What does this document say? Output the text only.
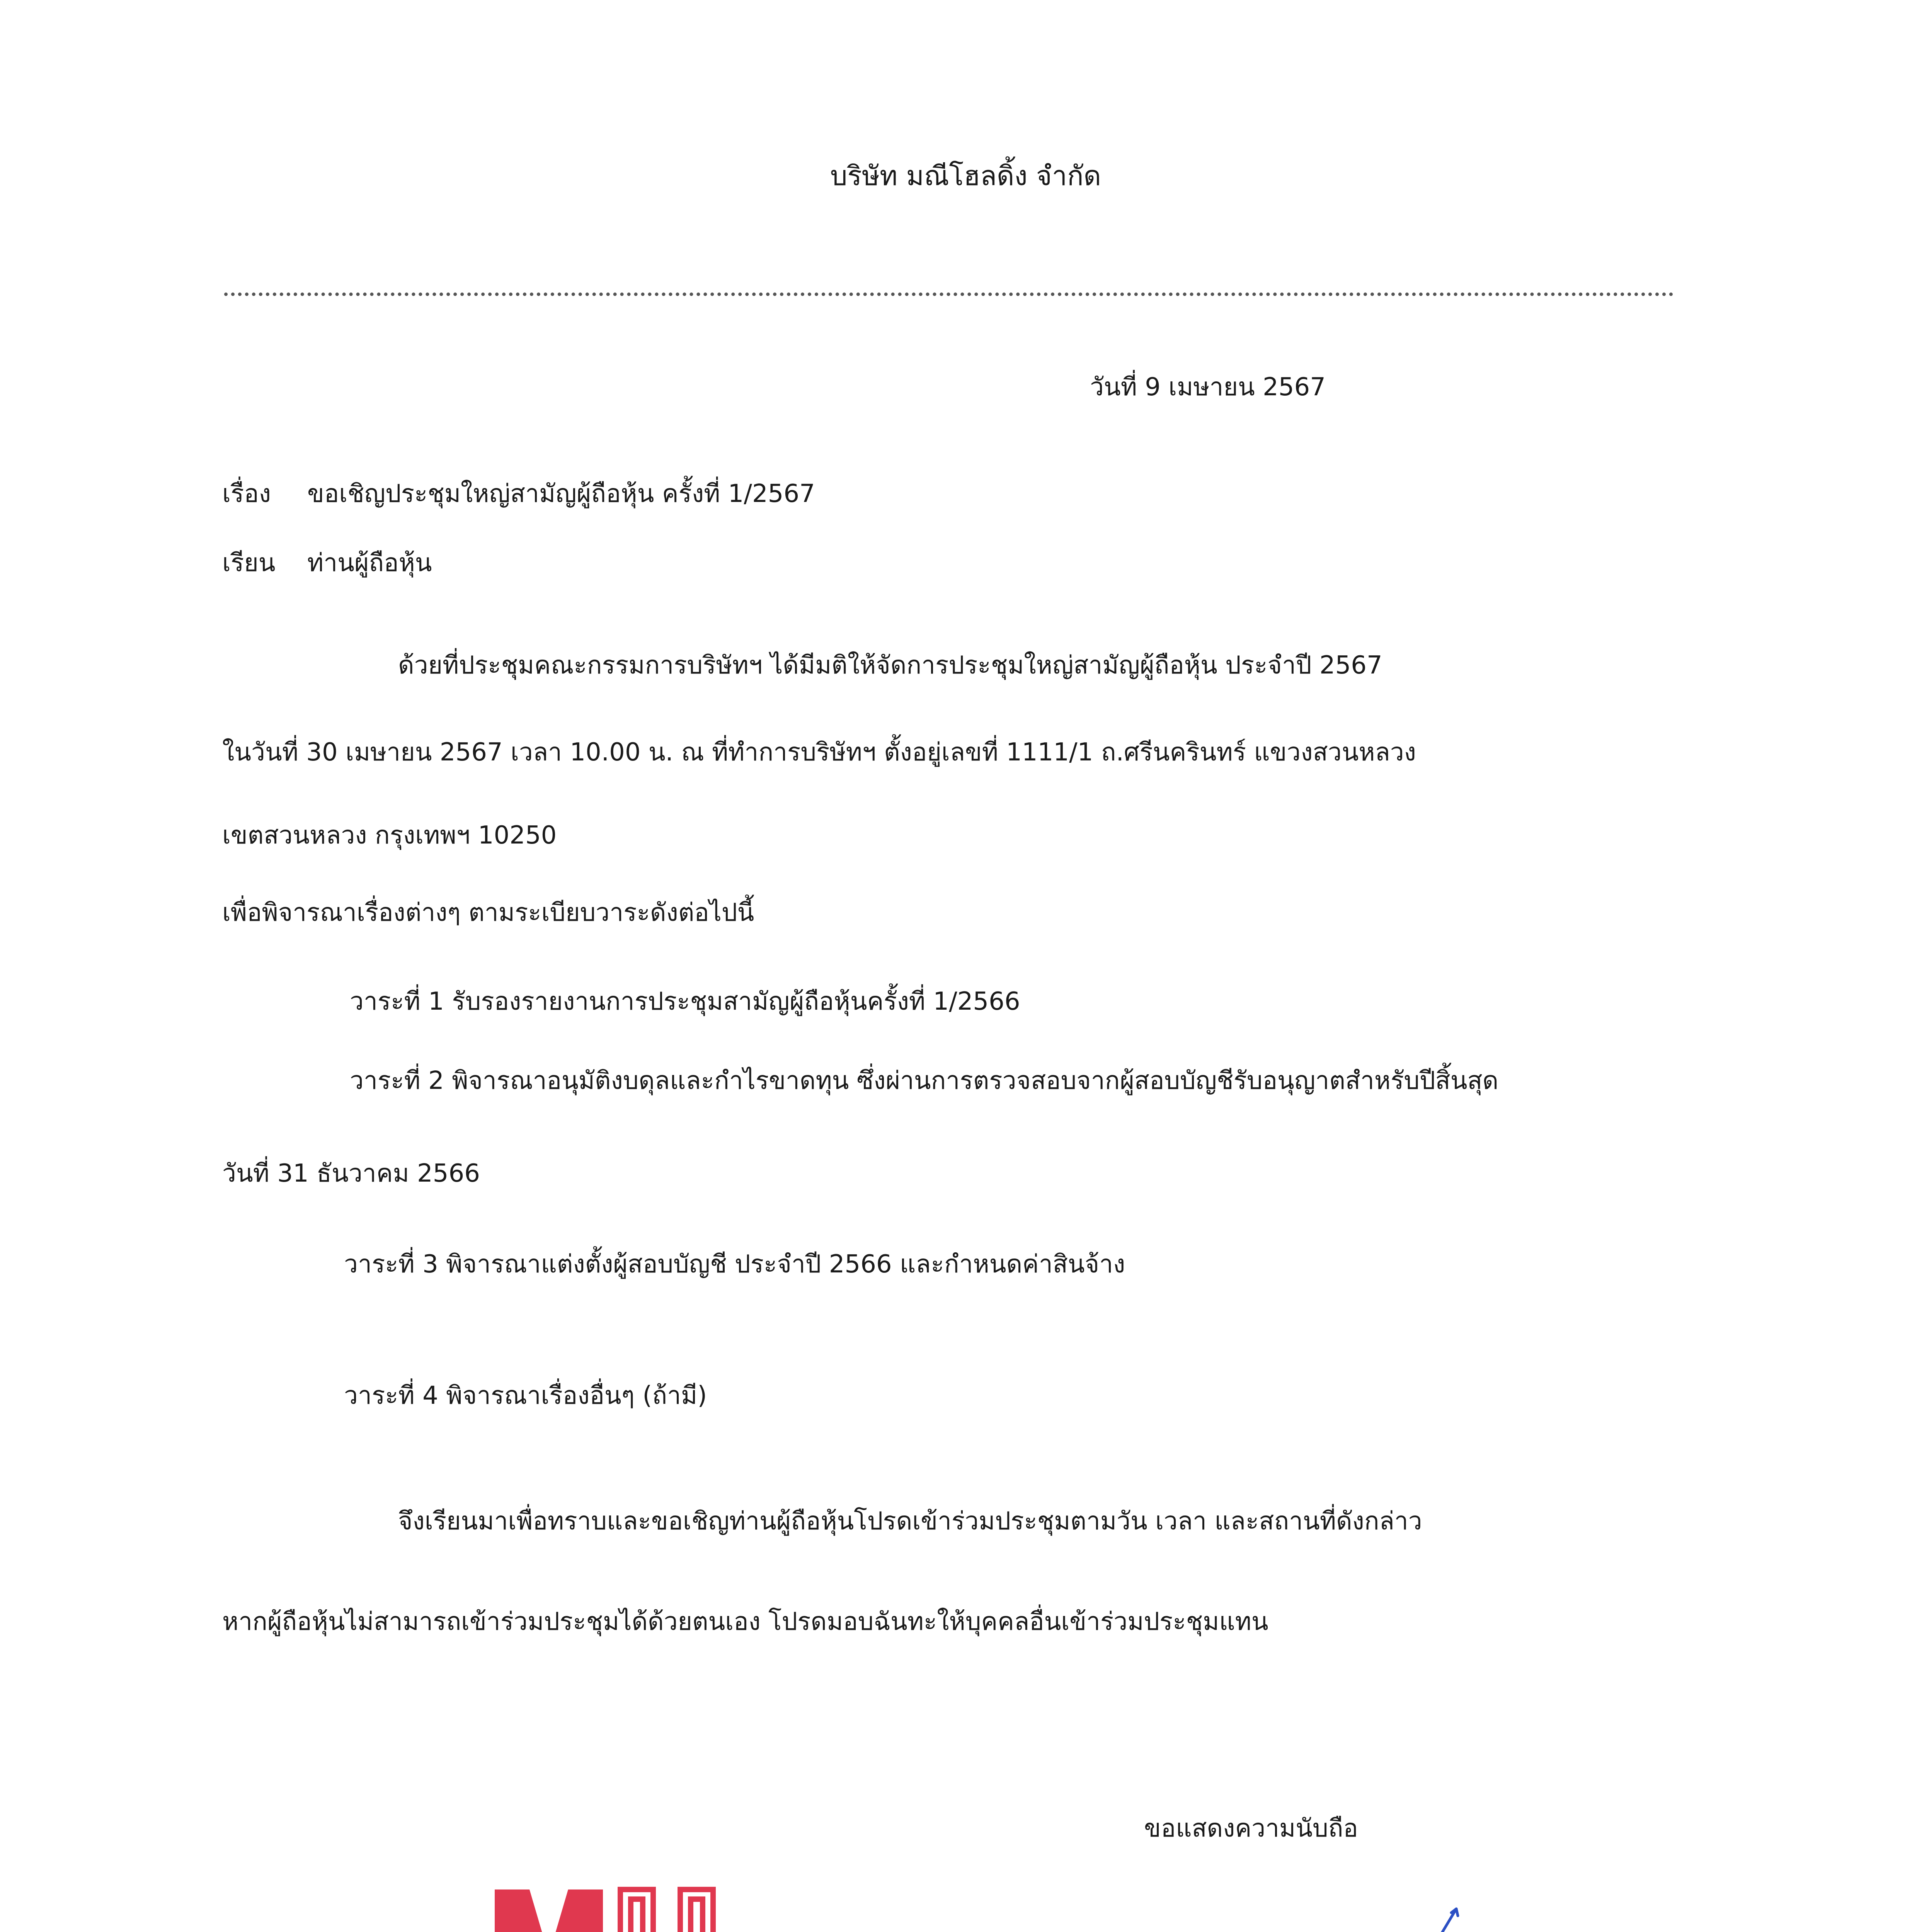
บริษัท มณีโฮลดิ้ง จำกัด
วันที่ 9 เมษายน 2567
เรื่อง ขอเชิญประชุมใหญ่สามัญผู้ถือหุ้น ครั้งที่ 1/2567
เรียน ท่านผู้ถือหุ้น
ด้วยที่ประชุมคณะกรรมการบริษัทฯ ได้มีมติให้จัดการประชุมใหญ่สามัญผู้ถือหุ้น ประจำปี 2567
ในวันที่ 30 เมษายน 2567 เวลา 10.00 น. ณ ที่ทำการบริษัทฯ ตั้งอยู่เลขที่ 1111/1 ถ.ศรีนครินทร์ แขวงสวนหลวง
เขตสวนหลวง กรุงเทพฯ 10250
เพื่อพิจารณาเรื่องต่างๆ ตามระเบียบวาระดังต่อไปนี้
วาระที่ 1 รับรองรายงานการประชุมสามัญผู้ถือหุ้นครั้งที่ 1/2566
วาระที่ 2 พิจารณาอนุมัติงบดุลและกำไรขาดทุน ซึ่งผ่านการตรวจสอบจากผู้สอบบัญชีรับอนุญาตสำหรับปีสิ้นสุด
วันที่ 31 ธันวาคม 2566
วาระที่ 3 พิจารณาแต่งตั้งผู้สอบบัญชี ประจำปี 2566 และกำหนดค่าสินจ้าง
วาระที่ 4 พิจารณาเรื่องอื่นๆ (ถ้ามี)
จึงเรียนมาเพื่อทราบและขอเชิญท่านผู้ถือหุ้นโปรดเข้าร่วมประชุมตามวัน เวลา และสถานที่ดังกล่าว
หากผู้ถือหุ้นไม่สามารถเข้าร่วมประชุมได้ด้วยตนเอง โปรดมอบฉันทะให้บุคคลอื่นเข้าร่วมประชุมแทน
ขอแสดงความนับถือ
